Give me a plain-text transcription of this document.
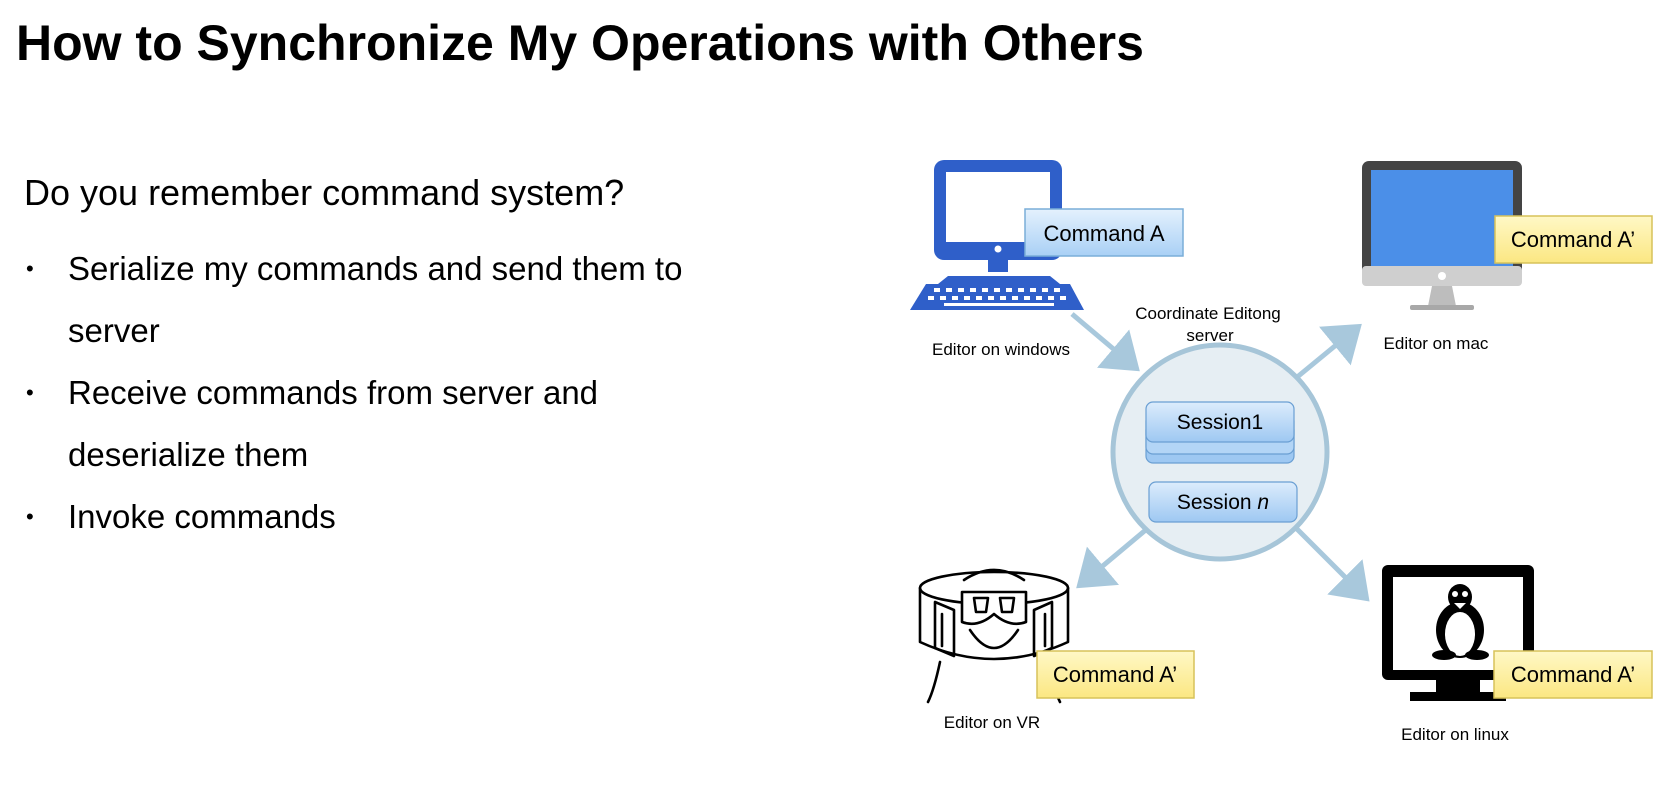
How to Synchronize My Operations with Others

Do you remember command system?

• Serialize my commands and send them to server
• Receive commands from server and deserialize them
• Invoke commands
Coordinate Editong
server
Session1
Session n
Command A
Editor on windows
Command A’
Editor on mac
Command A’
Editor on VR
Command A’
Editor on linux
